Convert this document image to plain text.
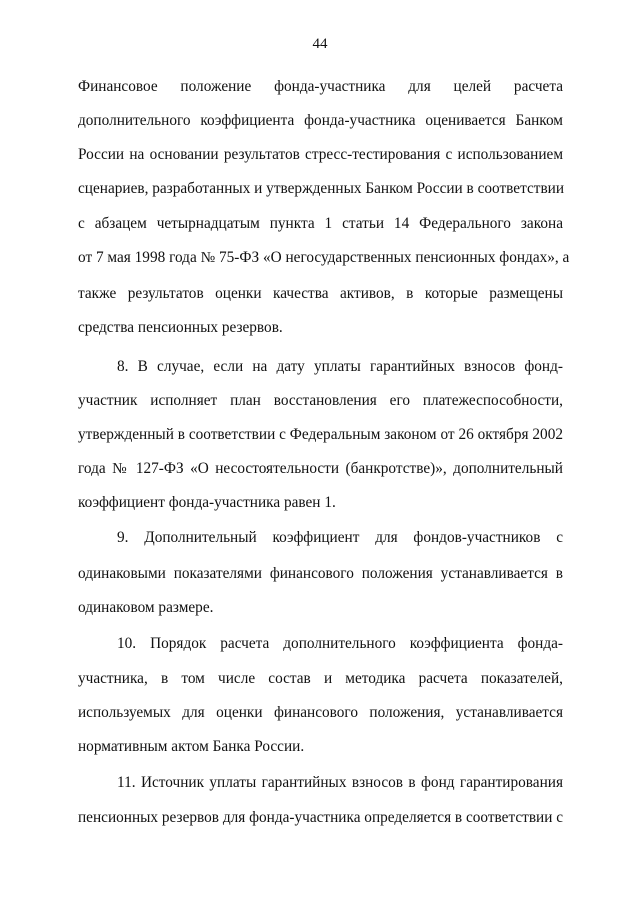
44
Финансовое положение фонда-участника для целей расчета
дополнительного коэффициента фонда-участника оценивается Банком
России на основании результатов стресс-тестирования с использованием
сценариев, разработанных и утвержденных Банком России в соответствии
с абзацем четырнадцатым пункта 1 статьи 14 Федерального закона
от 7 мая 1998 года № 75-ФЗ «О негосударственных пенсионных фондах», а
также результатов оценки качества активов, в которые размещены
средства пенсионных резервов.
8. В случае, если на дату уплаты гарантийных взносов фонд-
участник исполняет план восстановления его платежеспособности,
утвержденный в соответствии с Федеральным законом от 26 октября 2002
года № 127-ФЗ «О несостоятельности (банкротстве)», дополнительный
коэффициент фонда-участника равен 1.
9. Дополнительный коэффициент для фондов-участников с
одинаковыми показателями финансового положения устанавливается в
одинаковом размере.
10. Порядок расчета дополнительного коэффициента фонда-
участника, в том числе состав и методика расчета показателей,
используемых для оценки финансового положения, устанавливается
нормативным актом Банка России.
11. Источник уплаты гарантийных взносов в фонд гарантирования
пенсионных резервов для фонда-участника определяется в соответствии с
